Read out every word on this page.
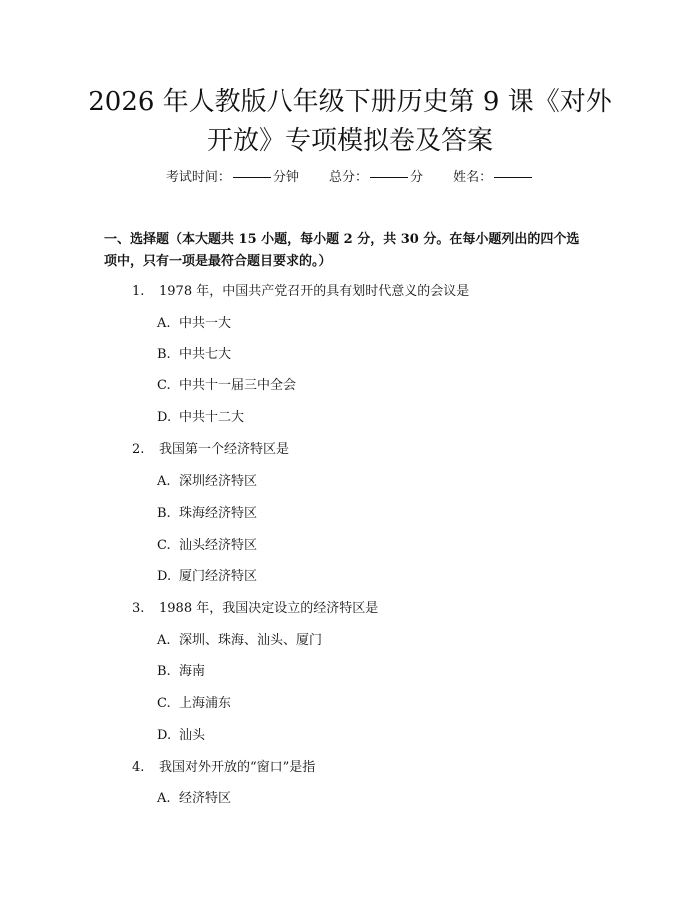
2026 年人教版八年级下册历史第 9 课《对外
开放》专项模拟卷及答案
考试时间：	分钟 总分：	分 姓名：

一、选择题（本大题共 15 小题，每小题 2 分，共 30 分。在每小题列出的四个选

项中，只有一项是最符合题目要求的。）

1. 1978 年，中国共产党召开的具有划时代意义的会议是
A. 中共一大
B. 中共七大
C. 中共十一届三中全会
D. 中共十二大
2. 我国第一个经济特区是
A. 深圳经济特区
B. 珠海经济特区
C. 汕头经济特区
D. 厦门经济特区
3. 1988 年，我国决定设立的经济特区是
A. 深圳、珠海、汕头、厦门
B. 海南
C. 上海浦东
D. 汕头
4. 我国对外开放的“窗口”是指
A. 经济特区
